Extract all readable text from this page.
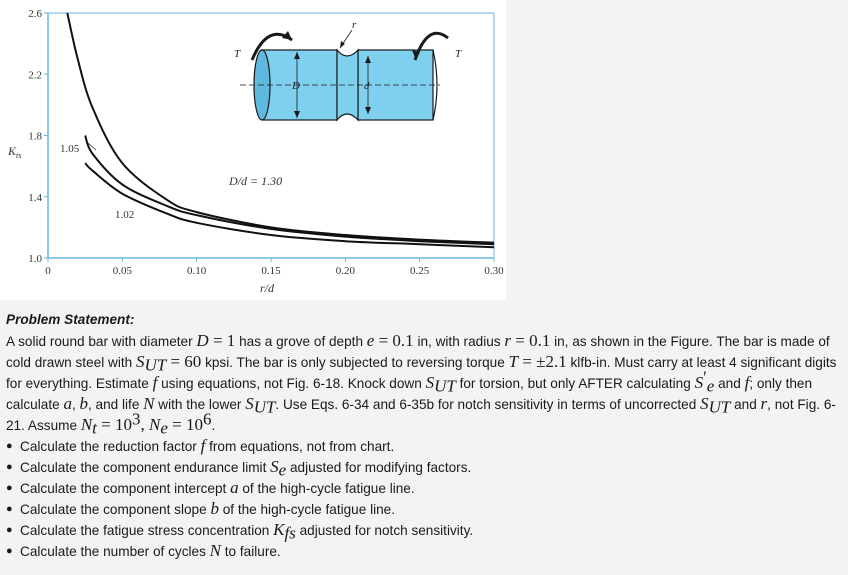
2.6
2.2
1.8
1.4
1.0
0	0.05	0.10	0.15	0.20	0.25	0.30
$K_{ts}$
r/d
D/d = 1.30
1.05
1.02
T	T
D	d
r
Problem Statement:
A solid round bar with diameter D = 1 has a grove of depth e = 0.1 in, with radius r = 0.1 in, as shown in the Figure. The bar is made of cold drawn steel with $S_{UT} = 60$ kpsi. The bar is only subjected to reversing torque T = ±2.1 klfb-in. Must carry at least 4 significant digits for everything. Estimate f using equations, not Fig. 6-18. Knock down $S_{UT}$ for torsion, but only AFTER calculating $S'_e$ and f; only then calculate a, b, and life N with the lower $S_{UT}$. Use Eqs. 6-34 and 6-35b for notch sensitivity in terms of uncorrected $S_{UT}$ and r, not Fig. 6-21. Assume $N_t = 10^3$, $N_e = 10^6$.
● Calculate the reduction factor f from equations, not from chart.
● Calculate the component endurance limit $S_e$ adjusted for modifying factors.
● Calculate the component intercept a of the high-cycle fatigue line.
● Calculate the component slope b of the high-cycle fatigue line.
● Calculate the fatigue stress concentration $K_{fs}$ adjusted for notch sensitivity.
● Calculate the number of cycles N to failure.
